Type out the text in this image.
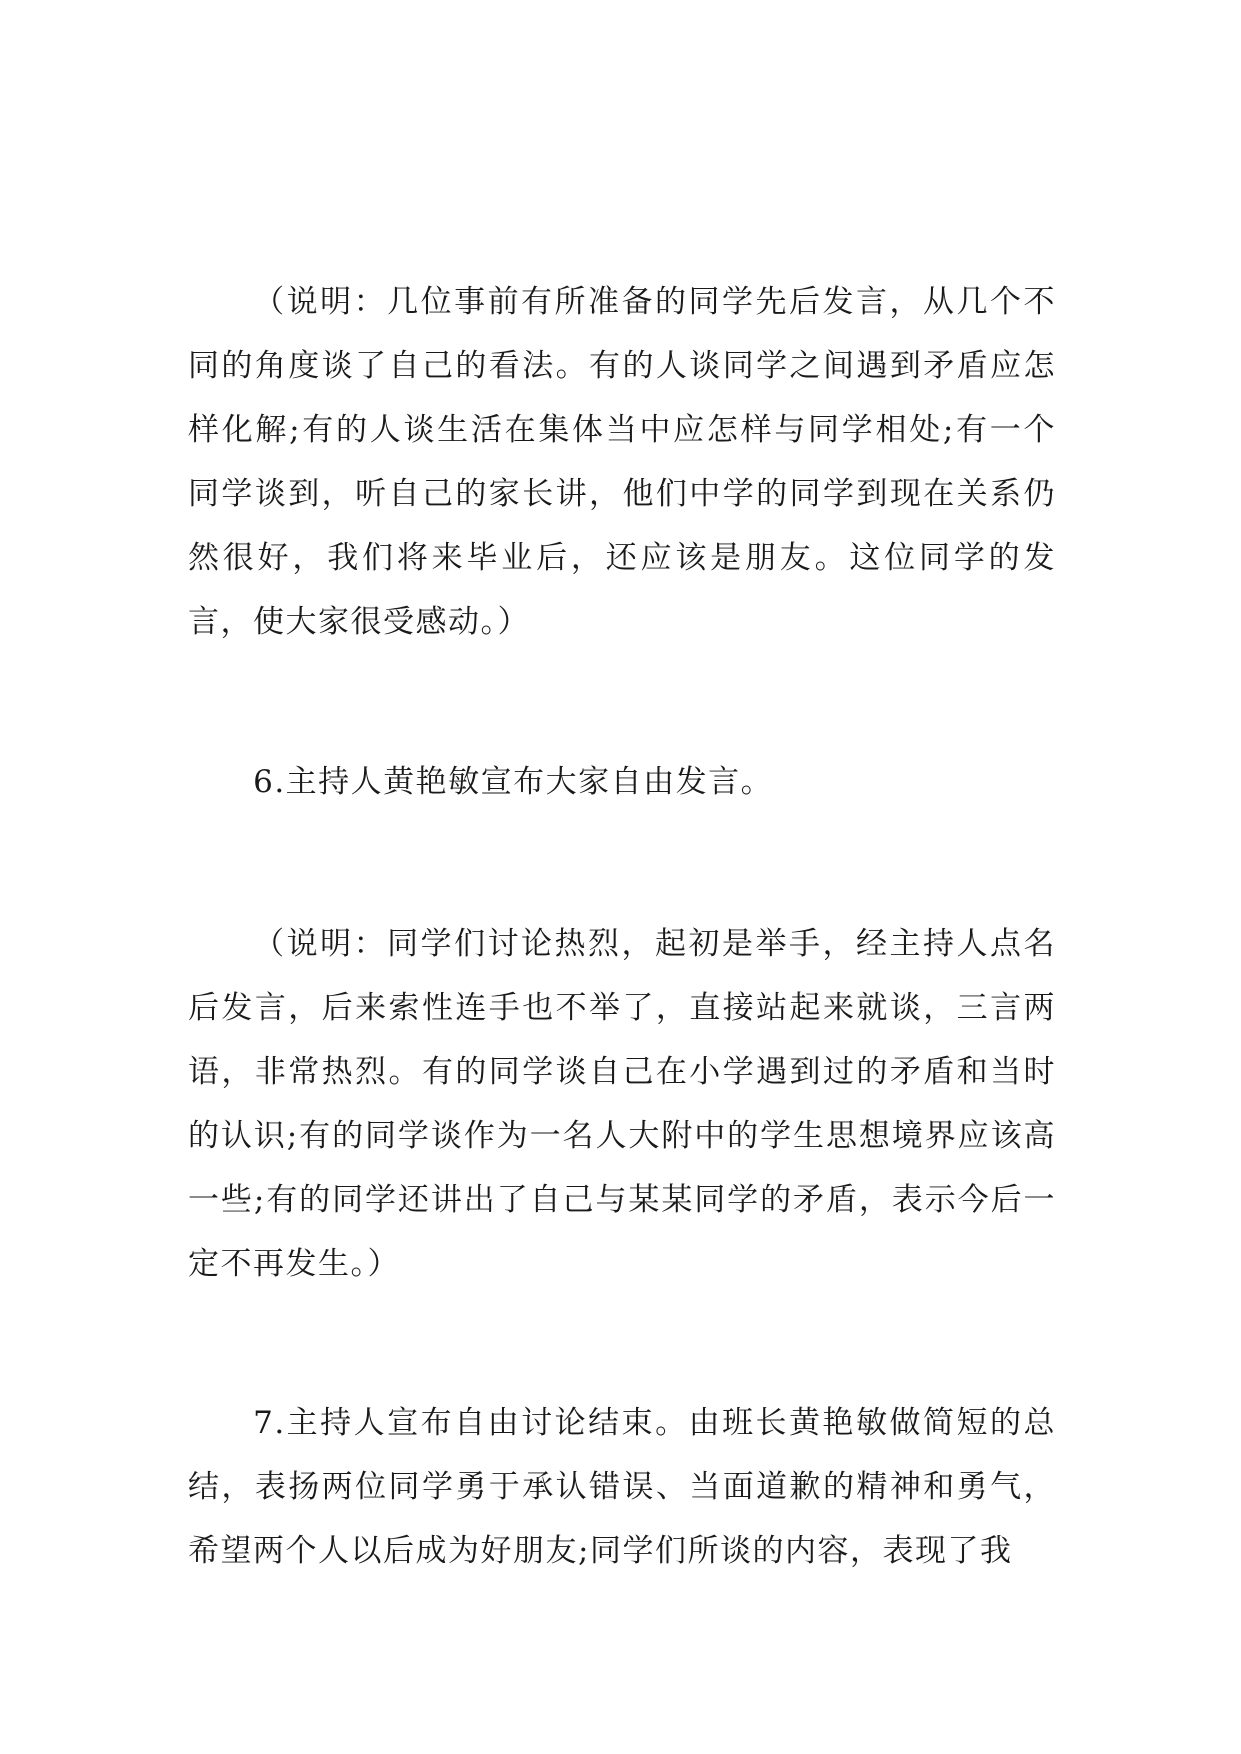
（说明：几位事前有所准备的同学先后发言，从几个不同的角度谈了自己的看法。有的人谈同学之间遇到矛盾应怎样化解;有的人谈生活在集体当中应怎样与同学相处;有一个同学谈到，听自己的家长讲，他们中学的同学到现在关系仍然很好，我们将来毕业后，还应该是朋友。这位同学的发言，使大家很受感动。）

6.主持人黄艳敏宣布大家自由发言。

（说明：同学们讨论热烈，起初是举手，经主持人点名后发言，后来索性连手也不举了，直接站起来就谈，三言两语，非常热烈。有的同学谈自己在小学遇到过的矛盾和当时的认识;有的同学谈作为一名人大附中的学生思想境界应该高一些;有的同学还讲出了自己与某某同学的矛盾，表示今后一定不再发生。）

7.主持人宣布自由讨论结束。由班长黄艳敏做简短的总结，表扬两位同学勇于承认错误、当面道歉的精神和勇气，希望两个人以后成为好朋友;同学们所谈的内容，表现了我
